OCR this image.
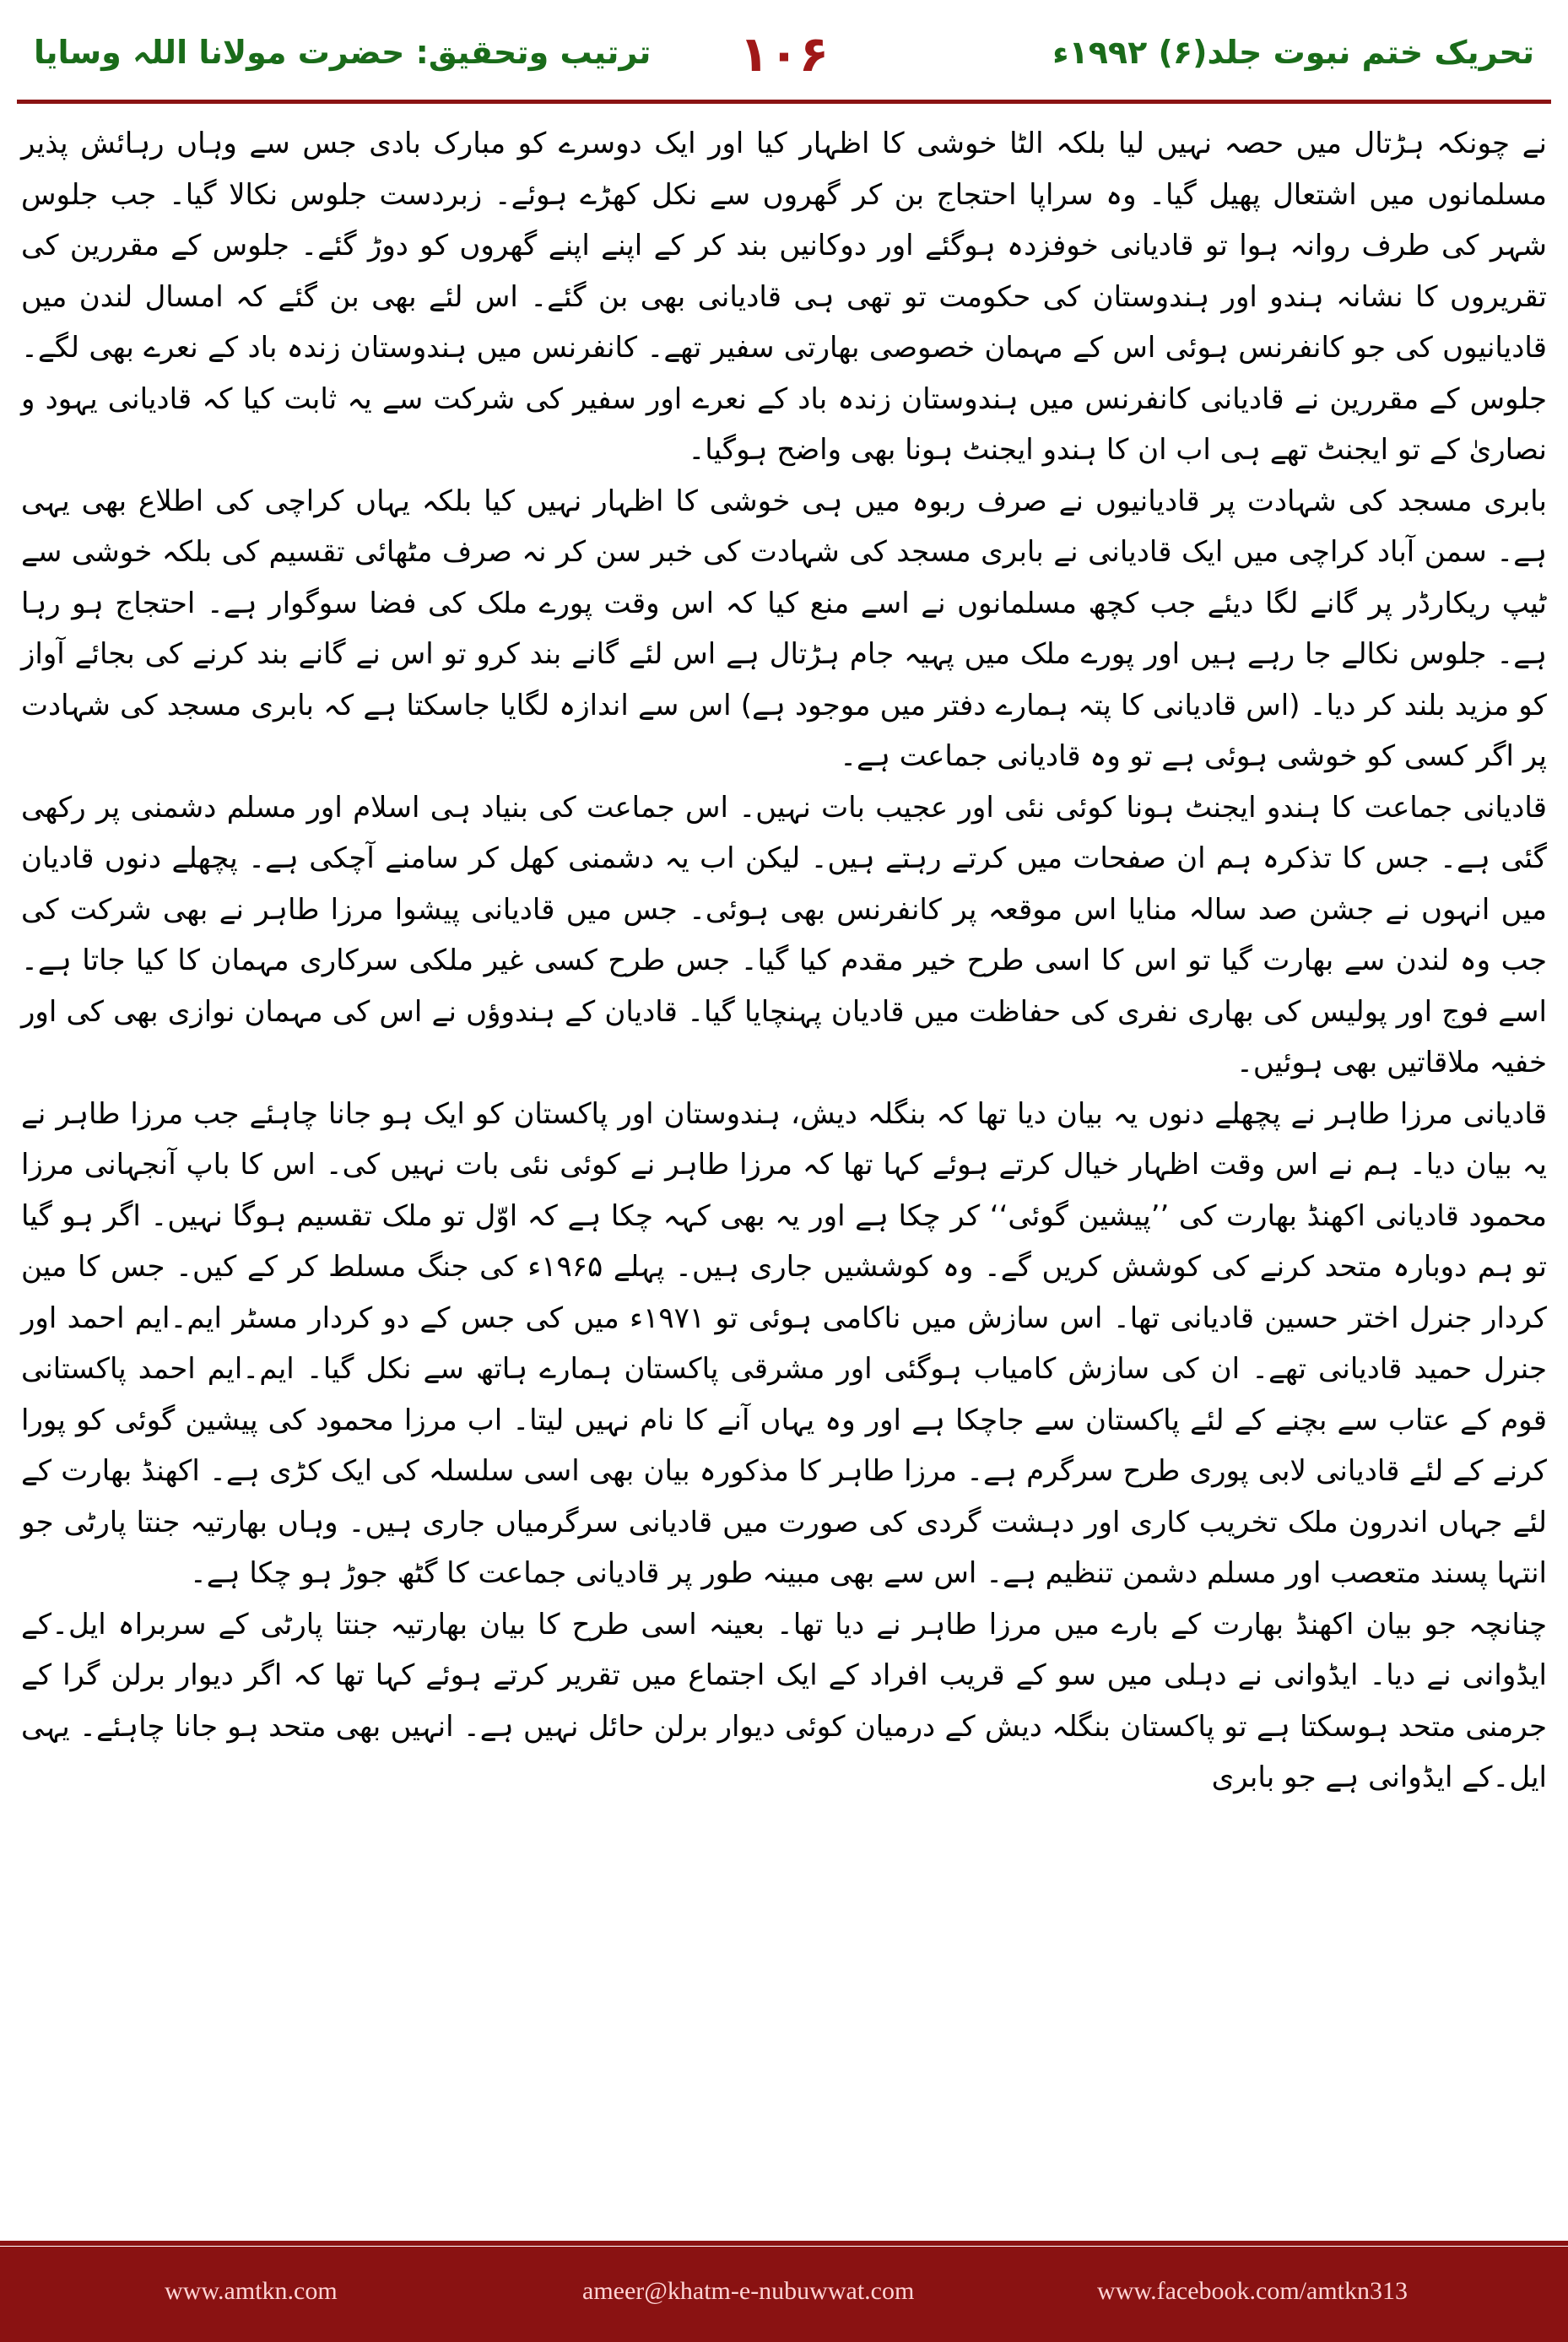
تحریک ختم نبوت جلد(۶) ۱۹۹۲ء
۱۰۶
ترتیب وتحقیق: حضرت مولانا اللہ وسایا

نے چونکہ ہڑتال میں حصہ نہیں لیا بلکہ الٹا خوشی کا اظہار کیا اور ایک دوسرے کو مبارک بادی جس سے وہاں رہائش پذیر مسلمانوں میں اشتعال پھیل گیا۔ وہ سراپا احتجاج بن کر گھروں سے نکل کھڑے ہوئے۔ زبردست جلوس نکالا گیا۔ جب جلوس شہر کی طرف روانہ ہوا تو قادیانی خوفزدہ ہوگئے اور دوکانیں بند کر کے اپنے اپنے گھروں کو دوڑ گئے۔ جلوس کے مقررین کی تقریروں کا نشانہ ہندو اور ہندوستان کی حکومت تو تھی ہی قادیانی بھی بن گئے۔ اس لئے بھی بن گئے کہ امسال لندن میں قادیانیوں کی جو کانفرنس ہوئی اس کے مہمان خصوصی بھارتی سفیر تھے۔ کانفرنس میں ہندوستان زندہ باد کے نعرے بھی لگے۔ جلوس کے مقررین نے قادیانی کانفرنس میں ہندوستان زندہ باد کے نعرے اور سفیر کی شرکت سے یہ ثابت کیا کہ قادیانی یہود و نصاریٰ کے تو ایجنٹ تھے ہی اب ان کا ہندو ایجنٹ ہونا بھی واضح ہوگیا۔

بابری مسجد کی شہادت پر قادیانیوں نے صرف ربوہ میں ہی خوشی کا اظہار نہیں کیا بلکہ یہاں کراچی کی اطلاع بھی یہی ہے۔ سمن آباد کراچی میں ایک قادیانی نے بابری مسجد کی شہادت کی خبر سن کر نہ صرف مٹھائی تقسیم کی بلکہ خوشی سے ٹیپ ریکارڈر پر گانے لگا دیئے جب کچھ مسلمانوں نے اسے منع کیا کہ اس وقت پورے ملک کی فضا سوگوار ہے۔ احتجاج ہو رہا ہے۔ جلوس نکالے جا رہے ہیں اور پورے ملک میں پہیہ جام ہڑتال ہے اس لئے گانے بند کرو تو اس نے گانے بند کرنے کی بجائے آواز کو مزید بلند کر دیا۔ (اس قادیانی کا پتہ ہمارے دفتر میں موجود ہے) اس سے اندازہ لگایا جاسکتا ہے کہ بابری مسجد کی شہادت پر اگر کسی کو خوشی ہوئی ہے تو وہ قادیانی جماعت ہے۔

قادیانی جماعت کا ہندو ایجنٹ ہونا کوئی نئی اور عجیب بات نہیں۔ اس جماعت کی بنیاد ہی اسلام اور مسلم دشمنی پر رکھی گئی ہے۔ جس کا تذکرہ ہم ان صفحات میں کرتے رہتے ہیں۔ لیکن اب یہ دشمنی کھل کر سامنے آچکی ہے۔ پچھلے دنوں قادیان میں انہوں نے جشن صد سالہ منایا اس موقعہ پر کانفرنس بھی ہوئی۔ جس میں قادیانی پیشوا مرزا طاہر نے بھی شرکت کی جب وہ لندن سے بھارت گیا تو اس کا اسی طرح خیر مقدم کیا گیا۔ جس طرح کسی غیر ملکی سرکاری مہمان کا کیا جاتا ہے۔ اسے فوج اور پولیس کی بھاری نفری کی حفاظت میں قادیان پہنچایا گیا۔ قادیان کے ہندوؤں نے اس کی مہمان نوازی بھی کی اور خفیہ ملاقاتیں بھی ہوئیں۔

قادیانی مرزا طاہر نے پچھلے دنوں یہ بیان دیا تھا کہ بنگلہ دیش، ہندوستان اور پاکستان کو ایک ہو جانا چاہئے جب مرزا طاہر نے یہ بیان دیا۔ ہم نے اس وقت اظہار خیال کرتے ہوئے کہا تھا کہ مرزا طاہر نے کوئی نئی بات نہیں کی۔ اس کا باپ آنجہانی مرزا محمود قادیانی اکھنڈ بھارت کی ’’پیشین گوئی‘‘ کر چکا ہے اور یہ بھی کہہ چکا ہے کہ اوّل تو ملک تقسیم ہوگا نہیں۔ اگر ہو گیا تو ہم دوبارہ متحد کرنے کی کوشش کریں گے۔ وہ کوششیں جاری ہیں۔ پہلے ۱۹۶۵ء کی جنگ مسلط کر کے کیں۔ جس کا مین کردار جنرل اختر حسین قادیانی تھا۔ اس سازش میں ناکامی ہوئی تو ۱۹۷۱ء میں کی جس کے دو کردار مسٹر ایم۔ایم احمد اور جنرل حمید قادیانی تھے۔ ان کی سازش کامیاب ہوگئی اور مشرقی پاکستان ہمارے ہاتھ سے نکل گیا۔ ایم۔ایم احمد پاکستانی قوم کے عتاب سے بچنے کے لئے پاکستان سے جاچکا ہے اور وہ یہاں آنے کا نام نہیں لیتا۔ اب مرزا محمود کی پیشین گوئی کو پورا کرنے کے لئے قادیانی لابی پوری طرح سرگرم ہے۔ مرزا طاہر کا مذکورہ بیان بھی اسی سلسلہ کی ایک کڑی ہے۔ اکھنڈ بھارت کے لئے جہاں اندرون ملک تخریب کاری اور دہشت گردی کی صورت میں قادیانی سرگرمیاں جاری ہیں۔ وہاں بھارتیہ جنتا پارٹی جو انتہا پسند متعصب اور مسلم دشمن تنظیم ہے۔ اس سے بھی مبینہ طور پر قادیانی جماعت کا گٹھ جوڑ ہو چکا ہے۔

چنانچہ جو بیان اکھنڈ بھارت کے بارے میں مرزا طاہر نے دیا تھا۔ بعینہ اسی طرح کا بیان بھارتیہ جنتا پارٹی کے سربراہ ایل۔کے ایڈوانی نے دیا۔ ایڈوانی نے دہلی میں سو کے قریب افراد کے ایک اجتماع میں تقریر کرتے ہوئے کہا تھا کہ اگر دیوار برلن گرا کے جرمنی متحد ہوسکتا ہے تو پاکستان بنگلہ دیش کے درمیان کوئی دیوار برلن حائل نہیں ہے۔ انہیں بھی متحد ہو جانا چاہئے۔ یہی ایل۔کے ایڈوانی ہے جو بابری

www.amtkn.com	ameer@khatm-e-nubuwwat.com	www.facebook.com/amtkn313
